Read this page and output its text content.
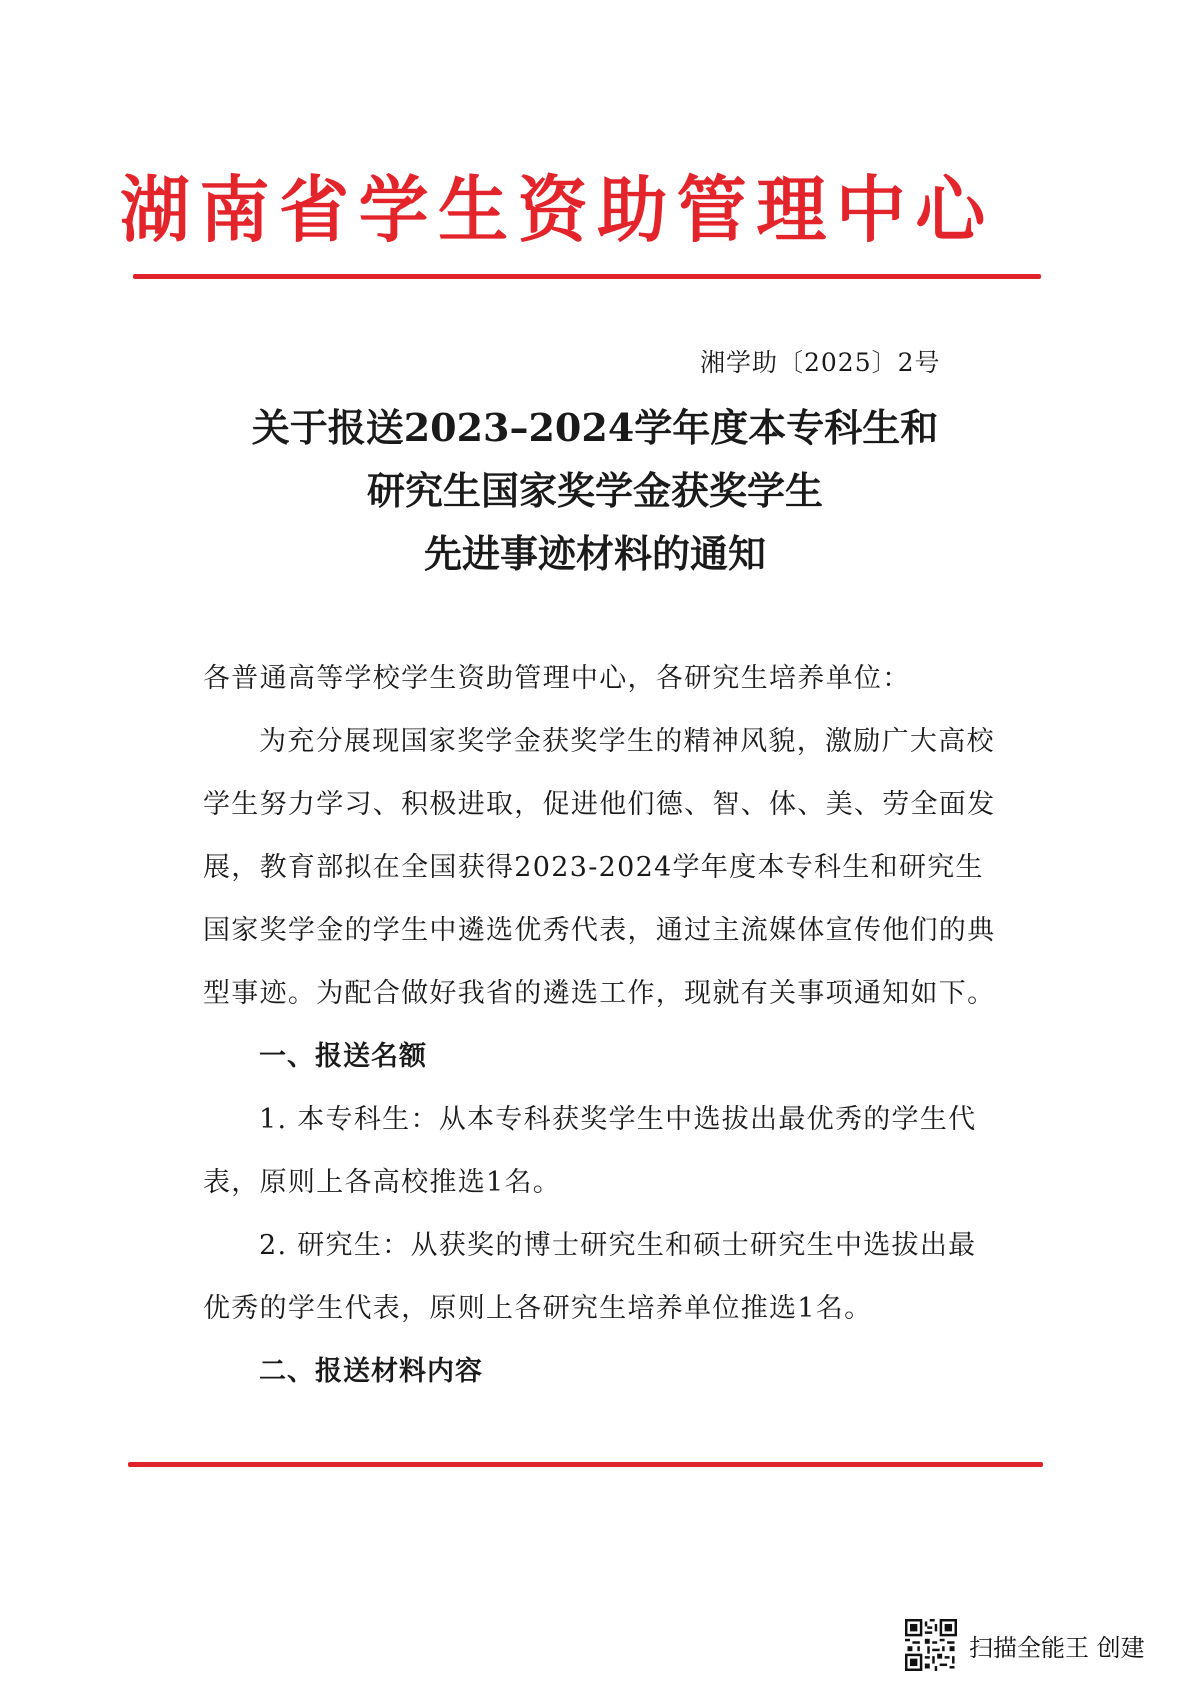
湖南省学生资助管理中心
湘学助〔2025〕2号
关于报送2023–2024学年度本专科生和
研究生国家奖学金获奖学生
先进事迹材料的通知

各普通高等学校学生资助管理中心，各研究生培养单位：

为充分展现国家奖学金获奖学生的精神风貌，激励广大高校学生努力学习、积极进取，促进他们德、智、体、美、劳全面发展，教育部拟在全国获得2023-2024学年度本专科生和研究生国家奖学金的学生中遴选优秀代表，通过主流媒体宣传他们的典型事迹。为配合做好我省的遴选工作，现就有关事项通知如下。

一、报送名额

1. 本专科生：从本专科获奖学生中选拔出最优秀的学生代表，原则上各高校推选1名。

2. 研究生：从获奖的博士研究生和硕士研究生中选拔出最优秀的学生代表，原则上各研究生培养单位推选1名。

二、报送材料内容

扫描全能王 创建
